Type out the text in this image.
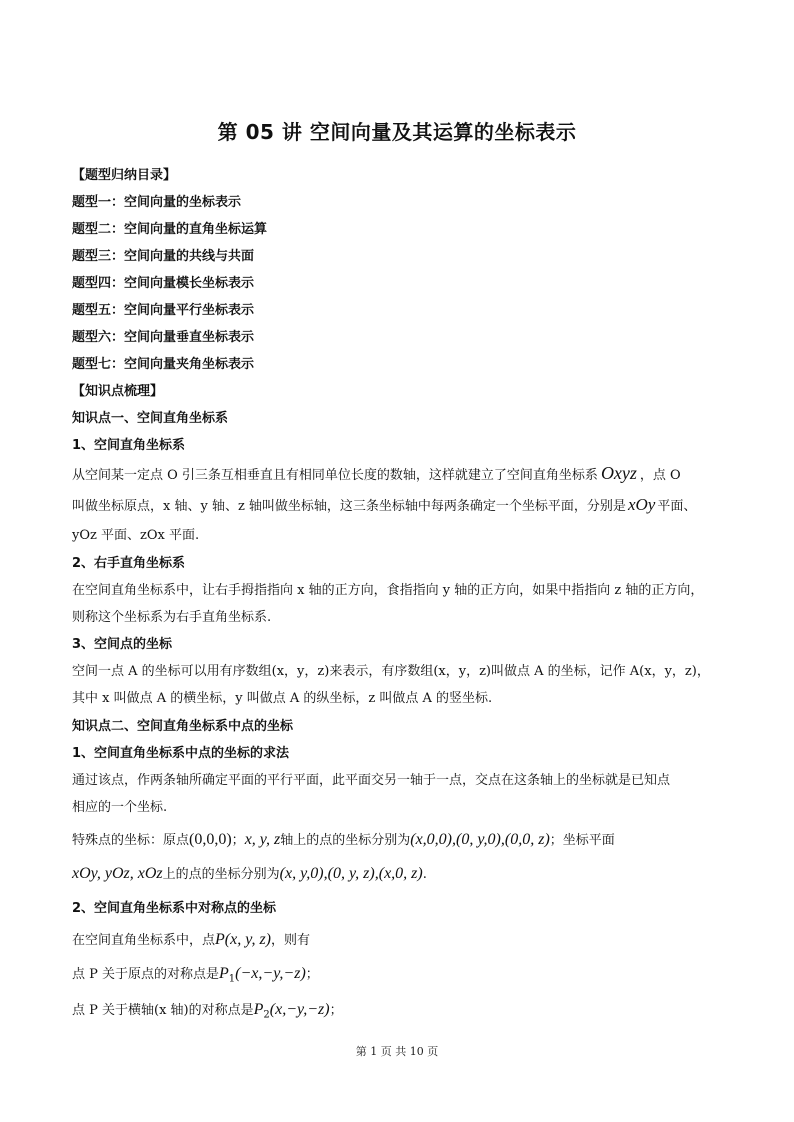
第 05 讲 空间向量及其运算的坐标表示
【题型归纳目录】
题型一：空间向量的坐标表示
题型二：空间向量的直角坐标运算
题型三：空间向量的共线与共面
题型四：空间向量模长坐标表示
题型五：空间向量平行坐标表示
题型六：空间向量垂直坐标表示
题型七：空间向量夹角坐标表示
【知识点梳理】
知识点一、空间直角坐标系
1、空间直角坐标系
从空间某一定点 O 引三条互相垂直且有相同单位长度的数轴，这样就建立了空间直角坐标系 Oxyz ，点 O
叫做坐标原点，x 轴、y 轴、z 轴叫做坐标轴，这三条坐标轴中每两条确定一个坐标平面，分别是 xOy 平面、
yOz 平面、zOx 平面.
2、右手直角坐标系
在空间直角坐标系中，让右手拇指指向 x 轴的正方向，食指指向 y 轴的正方向，如果中指指向 z 轴的正方向，
则称这个坐标系为右手直角坐标系.
3、空间点的坐标
空间一点 A 的坐标可以用有序数组(x，y，z)来表示，有序数组(x，y，z)叫做点 A 的坐标，记作 A(x，y，z)，
其中 x 叫做点 A 的横坐标，y 叫做点 A 的纵坐标，z 叫做点 A 的竖坐标.
知识点二、空间直角坐标系中点的坐标
1、空间直角坐标系中点的坐标的求法
通过该点，作两条轴所确定平面的平行平面，此平面交另一轴于一点，交点在这条轴上的坐标就是已知点
相应的一个坐标.
特殊点的坐标：原点(0,0,0)；x, y, z轴上的点的坐标分别为(x,0,0),(0, y,0),(0,0, z)；坐标平面
xOy, yOz, xOz上的点的坐标分别为(x, y,0),(0, y, z),(x,0, z).
2、空间直角坐标系中对称点的坐标
在空间直角坐标系中，点P(x, y, z)，则有
点 P 关于原点的对称点是$P_1(-x,-y,-z)$；
点 P 关于横轴(x 轴)的对称点是$P_2(x,-y,-z)$；
第 1 页 共 10 页
